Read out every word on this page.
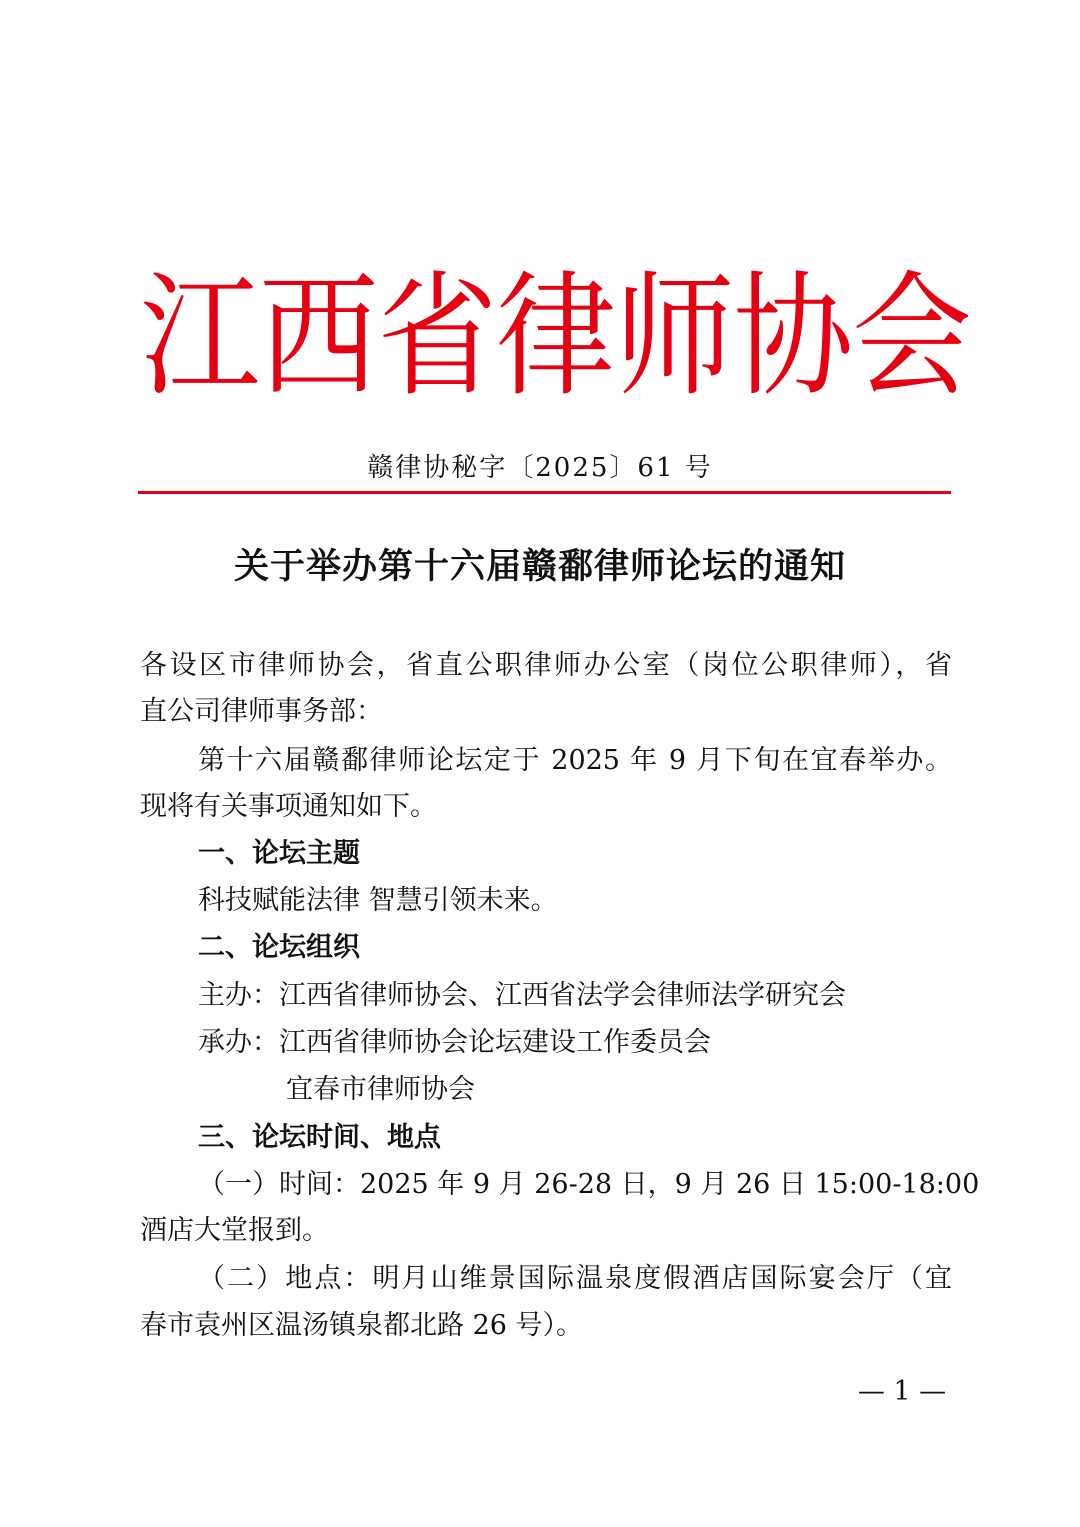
江
西
省
律
师
协
会
赣律协秘字〔2025〕61 号
关于举办第十六届赣鄱律师论坛的通知
各设区市律师协会，省直公职律师办公室（岗位公职律师），省
直公司律师事务部：
第十六届赣鄱律师论坛定于 2025 年 9 月下旬在宜春举办。
现将有关事项通知如下。
一、论坛主题
科技赋能法律 智慧引领未来。
二、论坛组织
主办：江西省律师协会、江西省法学会律师法学研究会
承办：江西省律师协会论坛建设工作委员会
宜春市律师协会
三、论坛时间、地点
（一）时间：2025 年 9 月 26-28 日，9 月 26 日 15:00-18:00
酒店大堂报到。
（二）地点：明月山维景国际温泉度假酒店国际宴会厅（宜
春市袁州区温汤镇泉都北路 26 号）。
— 1 —
